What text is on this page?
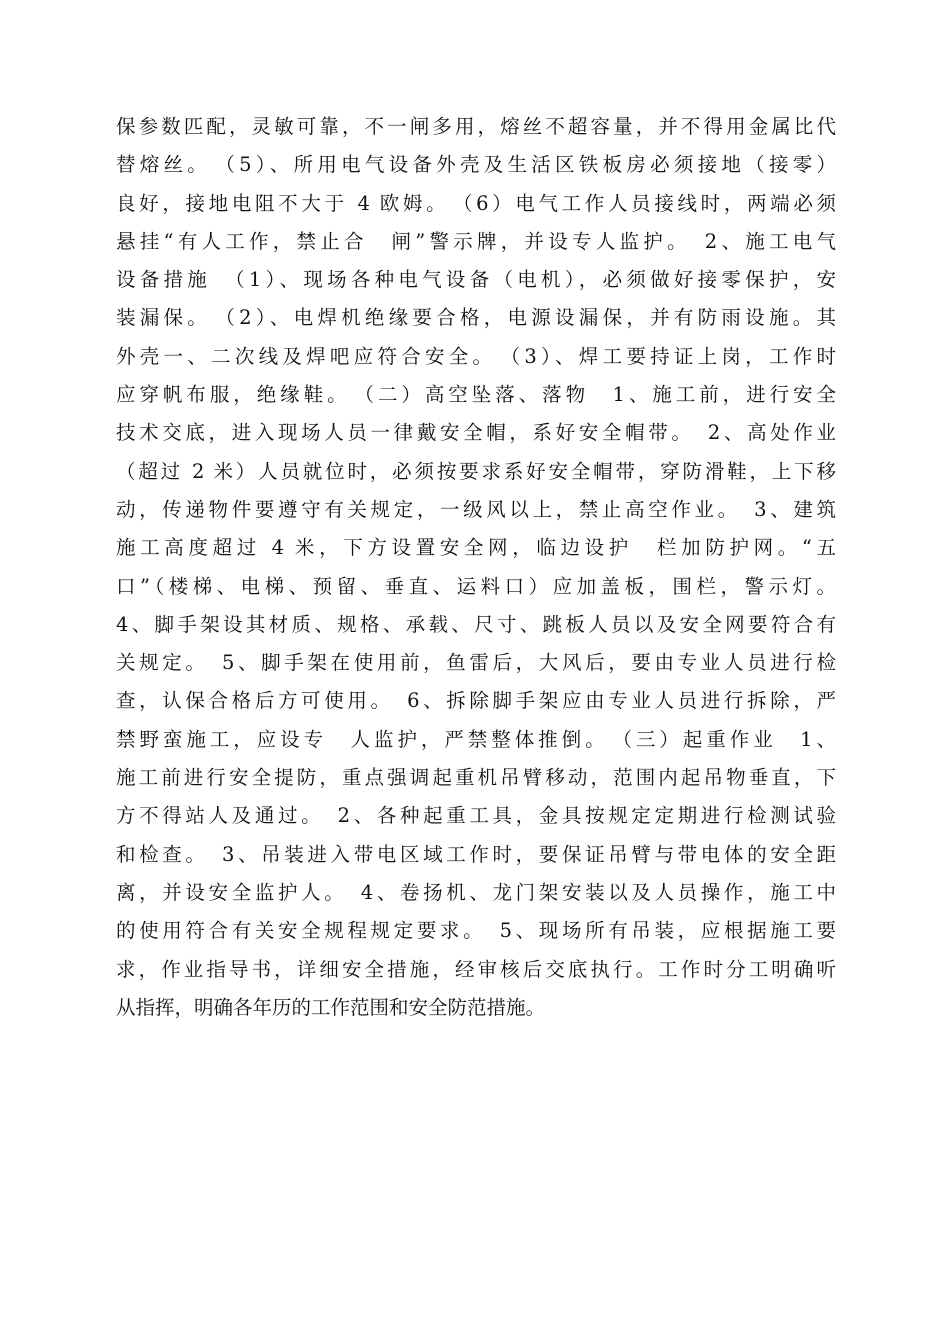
保参数匹配，灵敏可靠，不一闸多用，熔丝不超容量，并不得用金属比代
替熔丝。　（5）、所用电气设备外壳及生活区铁板房必须接地（接零）
良好，接地电阻不大于 4 欧姆。　（6）电气工作人员接线时，两端必须
悬挂“有人工作，禁止合　闸”警示牌，并设专人监护。　2、施工电气
设备措施　（1）、现场各种电气设备（电机），必须做好接零保护，安
装漏保。　（2）、电焊机绝缘要合格，电源设漏保，并有防雨设施。其
外壳一、二次线及焊吧应符合安全。　（3）、焊工要持证上岗，工作时
应穿帆布服，绝缘鞋。　（二）高空坠落、落物　1、施工前，进行安全
技术交底，进入现场人员一律戴安全帽，系好安全帽带。　2、高处作业
（超过 2 米）人员就位时，必须按要求系好安全帽带，穿防滑鞋，上下移
动，传递物件要遵守有关规定，一级风以上，禁止高空作业。　3、建筑
施工高度超过 4 米，下方设置安全网，临边设护　栏加防护网。“五
口”（楼梯、电梯、预留、垂直、运料口）应加盖板，围栏，警示灯。
4、脚手架设其材质、规格、承载、尺寸、跳板人员以及安全网要符合有
关规定。　5、脚手架在使用前，鱼雷后，大风后，要由专业人员进行检
查，认保合格后方可使用。　6、拆除脚手架应由专业人员进行拆除，严
禁野蛮施工，应设专　人监护，严禁整体推倒。　（三）起重作业　1、
施工前进行安全提防，重点强调起重机吊臂移动，范围内起吊物垂直，下
方不得站人及通过。　2、各种起重工具，金具按规定定期进行检测试验
和检查。　3、吊装进入带电区域工作时，要保证吊臂与带电体的安全距
离，并设安全监护人。　4、卷扬机、龙门架安装以及人员操作，施工中
的使用符合有关安全规程规定要求。　5、现场所有吊装，应根据施工要
求，作业指导书，详细安全措施，经审核后交底执行。工作时分工明确听
从指挥，明确各年历的工作范围和安全防范措施。
